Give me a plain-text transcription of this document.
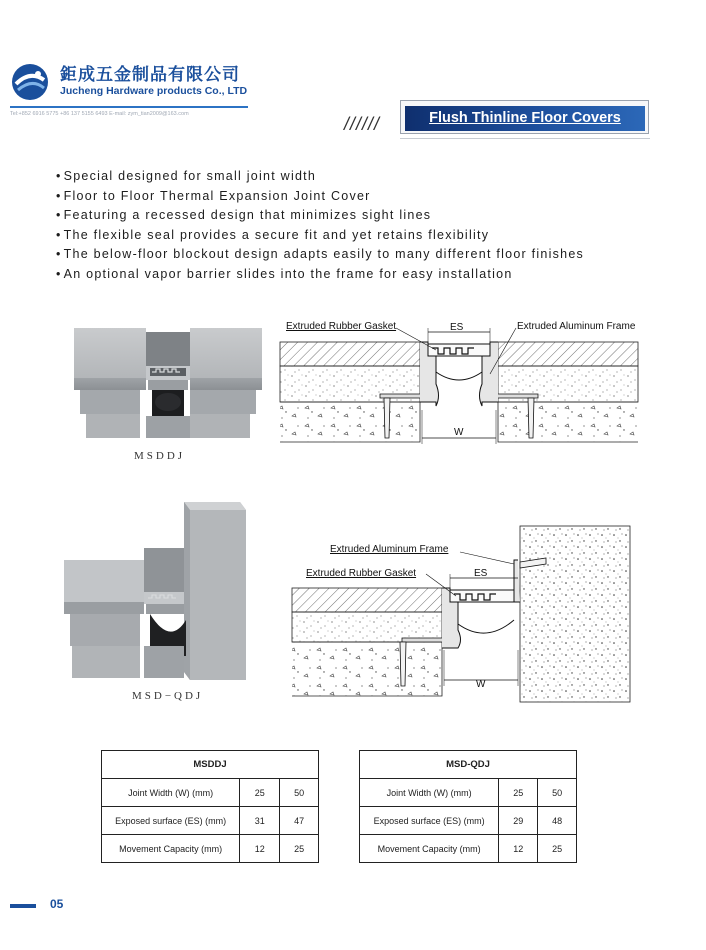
鉅成五金制品有限公司
Jucheng Hardware products Co., LTD
Tel:+852 6916 5775 +86 137 5155 6493 E-mail: zym_tian2009@163.com	//////	Flush Thinline Floor Covers
• Special designed for small joint width
• Floor to Floor Thermal Expansion Joint Cover
• Featuring a recessed design that minimizes sight lines
• The flexible seal provides a secure fit and yet retains flexibility
• The below-floor blockout design adapts easily to many different floor finishes
• An optional vapor barrier slides into the frame for easy installation
MSDDJ
Extruded Rubber Gasket	ES	Extruded Aluminum Frame
W
MSD−QDJ
Extruded Aluminum Frame
Extruded Rubber Gasket	ES
W
MSDDJ		
Joint Width (W) (mm)	25	50
Exposed surface (ES) (mm)	31	47
Movement Capacity (mm)	12	25
MSD-QDJ		
Joint Width (W) (mm)	25	50
Exposed surface (ES) (mm)	29	48
Movement Capacity (mm)	12	25
05
